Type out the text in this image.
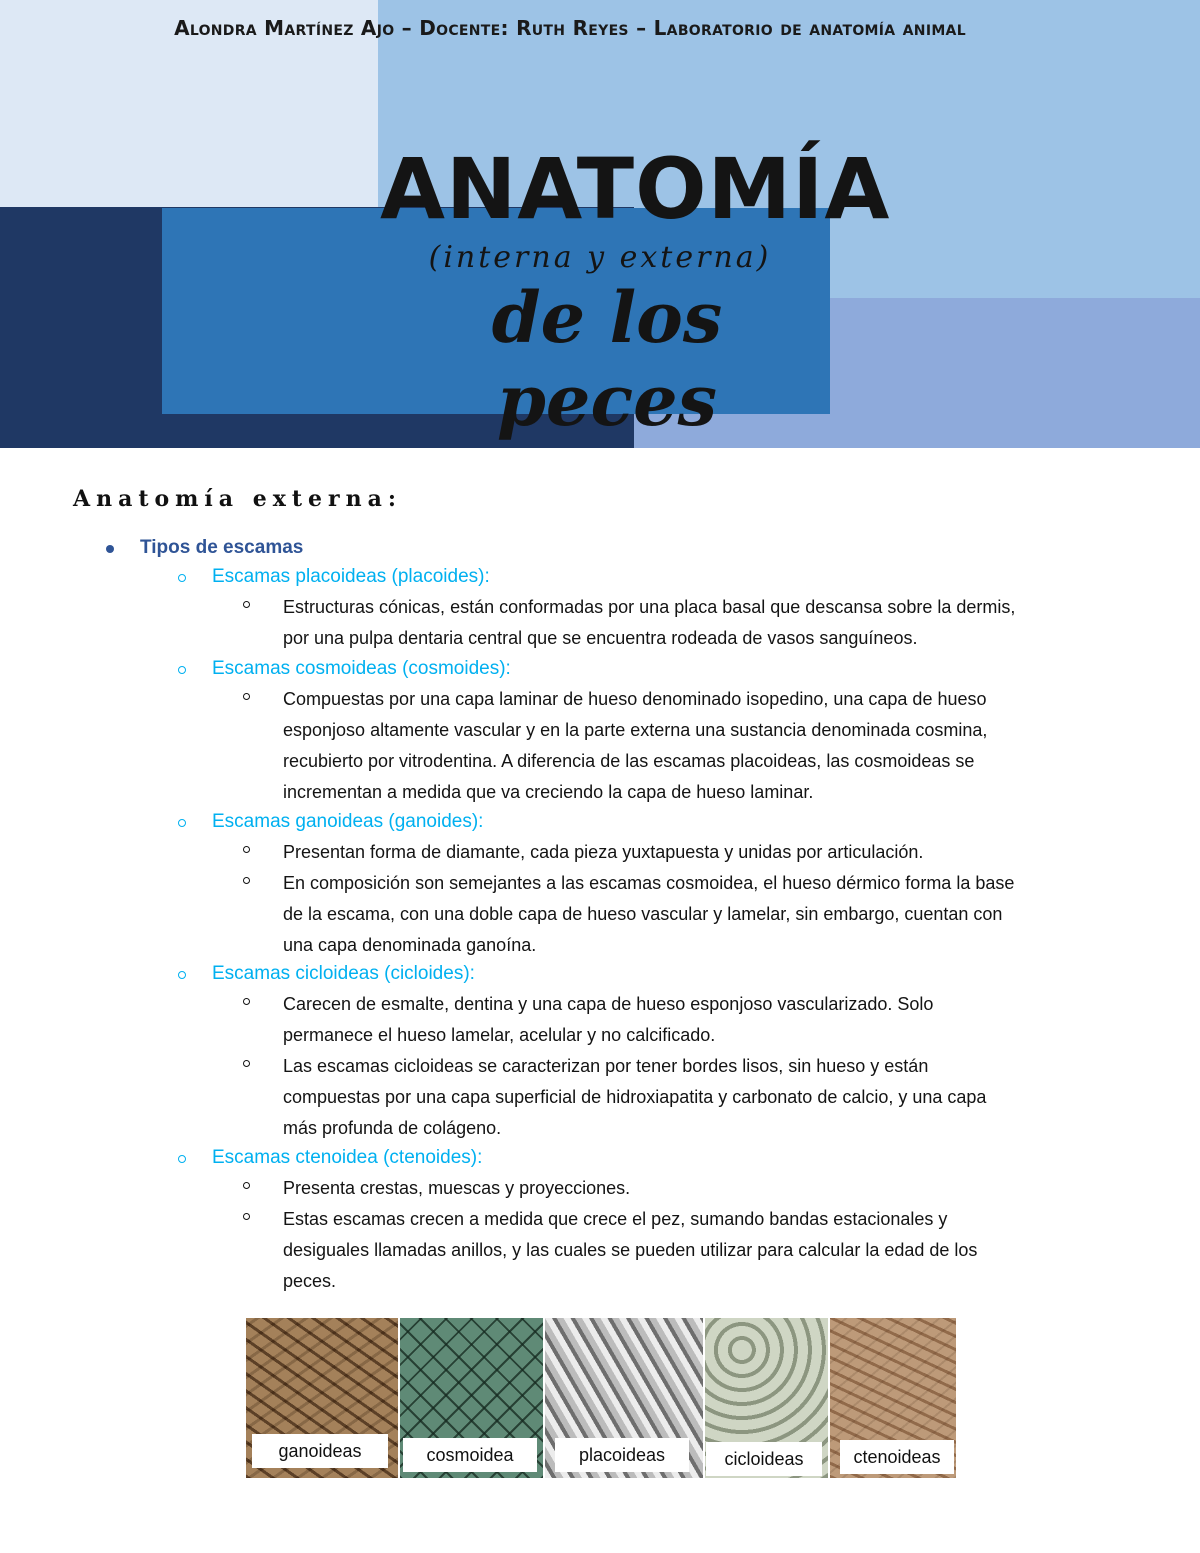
Alondra Martínez Ajo – Docente: Ruth Reyes – Laboratorio de anatomía animal
ANATOMÍA
(interna y externa)
de los peces
Anatomía externa:

Tipos de escamas

Escamas placoideas (placoides):

Estructuras cónicas, están conformadas por una placa basal que descansa sobre la dermis,

por una pulpa dentaria central que se encuentra rodeada de vasos sanguíneos.

Escamas cosmoideas (cosmoides):

Compuestas por una capa laminar de hueso denominado isopedino, una capa de hueso

esponjoso altamente vascular y en la parte externa una sustancia denominada cosmina,

recubierto por vitrodentina. A diferencia de las escamas placoideas, las cosmoideas se

incrementan a medida que va creciendo la capa de hueso laminar.

Escamas ganoideas (ganoides):

Presentan forma de diamante, cada pieza yuxtapuesta y unidas por articulación.

En composición son semejantes a las escamas cosmoidea, el hueso dérmico forma la base

de la escama, con una doble capa de hueso vascular y lamelar, sin embargo, cuentan con

una capa denominada ganoína.

Escamas cicloideas (cicloides):

Carecen de esmalte, dentina y una capa de hueso esponjoso vascularizado. Solo

permanece el hueso lamelar, acelular y no calcificado.

Las escamas cicloideas se caracterizan por tener bordes lisos, sin hueso y están

compuestas por una capa superficial de hidroxiapatita y carbonato de calcio, y una capa

más profunda de colágeno.

Escamas ctenoidea (ctenoides):

Presenta crestas, muescas y proyecciones.

Estas escamas crecen a medida que crece el pez, sumando bandas estacionales y

desiguales llamadas anillos, y las cuales se pueden utilizar para calcular la edad de los

peces.

ganoideas	cosmoidea	placoideas	cicloideas	ctenoideas
